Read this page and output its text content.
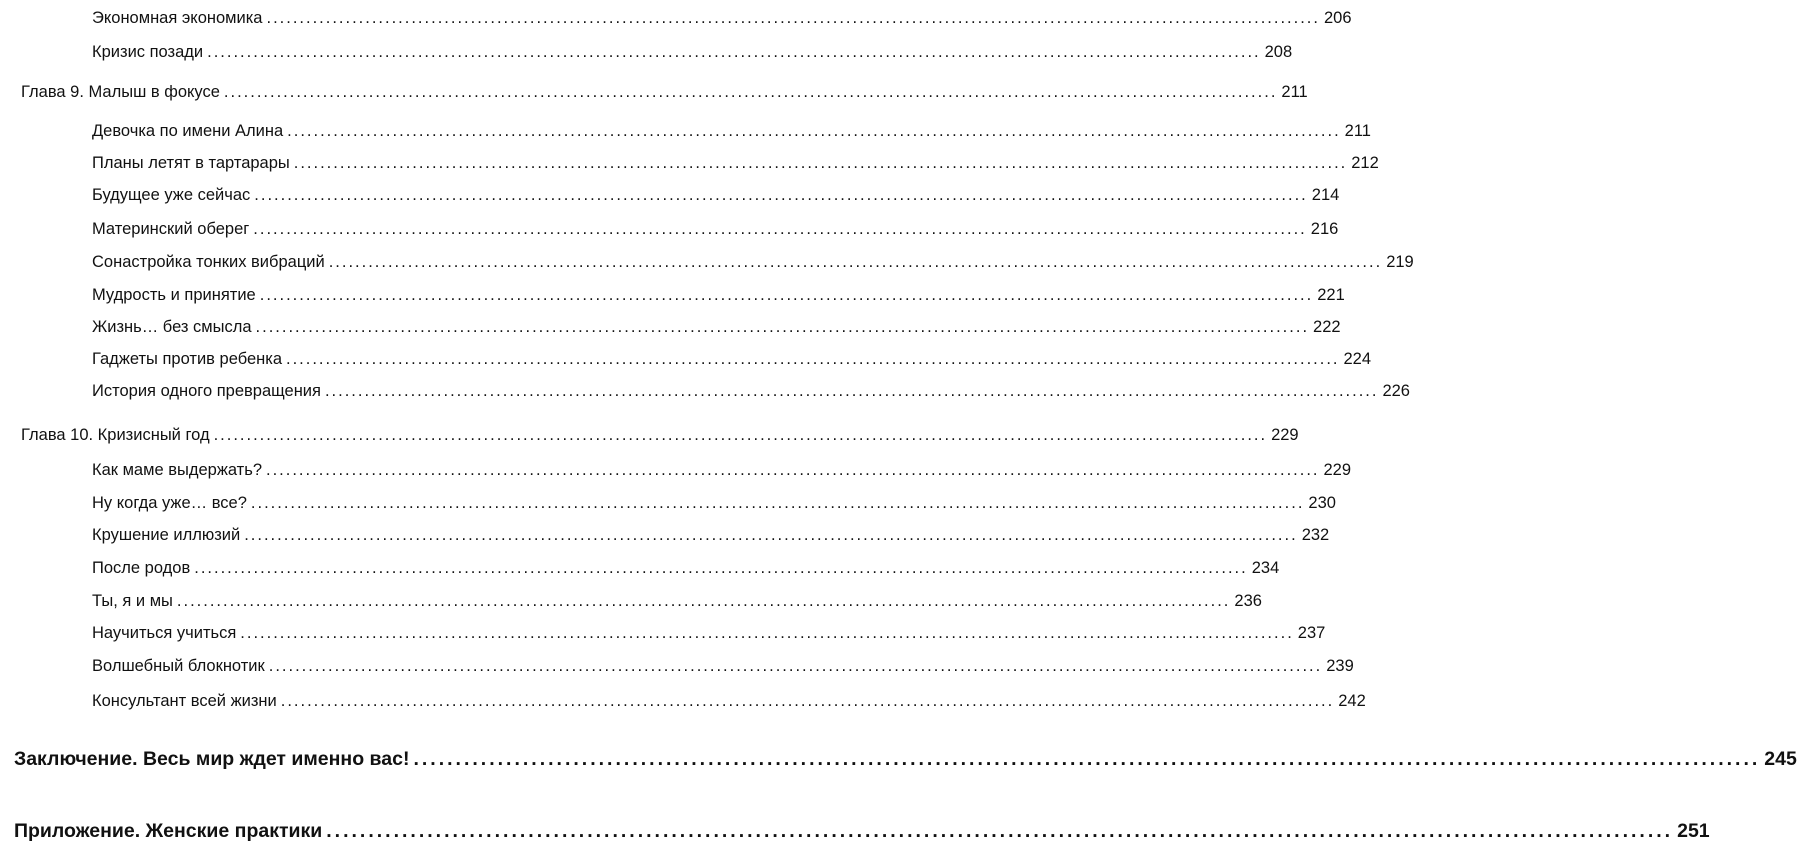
Экономная экономика ................................................................................................................................................................ 206
Кризис позади ................................................................................................................................................................ 208
Глава 9. Малыш в фокусе ................................................................................................................................................................ 211
Девочка по имени Алина ................................................................................................................................................................ 211
Планы летят в тартарары ................................................................................................................................................................ 212
Будущее уже сейчас ................................................................................................................................................................ 214
Материнский оберег ................................................................................................................................................................ 216
Сонастройка тонких вибраций ................................................................................................................................................................ 219
Мудрость и принятие ................................................................................................................................................................ 221
Жизнь… без смысла ................................................................................................................................................................ 222
Гаджеты против ребенка ................................................................................................................................................................ 224
История одного превращения ................................................................................................................................................................ 226
Глава 10. Кризисный год ................................................................................................................................................................ 229
Как маме выдержать? ................................................................................................................................................................ 229
Ну когда уже… все? ................................................................................................................................................................ 230
Крушение иллюзий ................................................................................................................................................................ 232
После родов ................................................................................................................................................................ 234
Ты, я и мы ................................................................................................................................................................ 236
Научиться учиться ................................................................................................................................................................ 237
Волшебный блокнотик ................................................................................................................................................................ 239
Консультант всей жизни ................................................................................................................................................................ 242
Заключение. Весь мир ждет именно вас! ................................................................................................................................................................ 245
Приложение. Женские практики ................................................................................................................................................................ 251
